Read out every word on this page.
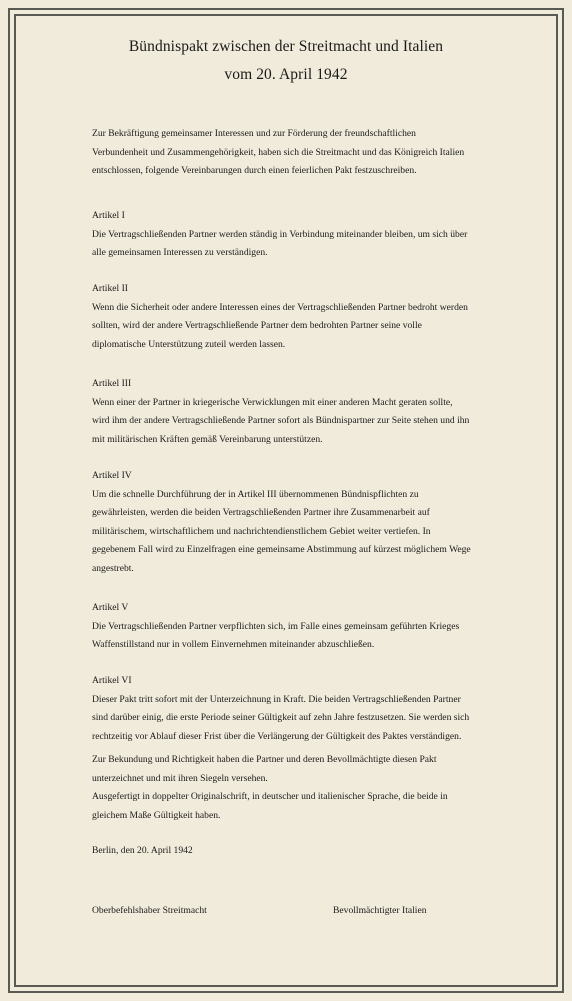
Bündnispakt zwischen der Streitmacht und Italien
vom 20. April 1942
Zur Bekräftigung gemeinsamer Interessen und zur Förderung der freundschaftlichen
Verbundenheit und Zusammengehörigkeit, haben sich die Streitmacht und das Königreich Italien
entschlossen, folgende Vereinbarungen durch einen feierlichen Pakt festzuschreiben.
Artikel I
Die Vertragschließenden Partner werden ständig in Verbindung miteinander bleiben, um sich über
alle gemeinsamen Interessen zu verständigen.
Artikel II
Wenn die Sicherheit oder andere Interessen eines der Vertragschließenden Partner bedroht werden
sollten, wird der andere Vertragschließende Partner dem bedrohten Partner seine volle
diplomatische Unterstützung zuteil werden lassen.
Artikel III
Wenn einer der Partner in kriegerische Verwicklungen mit einer anderen Macht geraten sollte,
wird ihm der andere Vertragschließende Partner sofort als Bündnispartner zur Seite stehen und ihn
mit militärischen Kräften gemäß Vereinbarung unterstützen.
Artikel IV
Um die schnelle Durchführung der in Artikel III übernommenen Bündnispflichten zu
gewährleisten, werden die beiden Vertragschließenden Partner ihre Zusammenarbeit auf
militärischem, wirtschaftlichem und nachrichtendienstlichem Gebiet weiter vertiefen. In
gegebenem Fall wird zu Einzelfragen eine gemeinsame Abstimmung auf kürzest möglichem Wege
angestrebt.
Artikel V
Die Vertragschließenden Partner verpflichten sich, im Falle eines gemeinsam geführten Krieges
Waffenstillstand nur in vollem Einvernehmen miteinander abzuschließen.
Artikel VI
Dieser Pakt tritt sofort mit der Unterzeichnung in Kraft. Die beiden Vertragschließenden Partner
sind darüber einig, die erste Periode seiner Gültigkeit auf zehn Jahre festzusetzen. Sie werden sich
rechtzeitig vor Ablauf dieser Frist über die Verlängerung der Gültigkeit des Paktes verständigen.
Zur Bekundung und Richtigkeit haben die Partner und deren Bevollmächtigte diesen Pakt
unterzeichnet und mit ihren Siegeln versehen.
Ausgefertigt in doppelter Originalschrift, in deutscher und italienischer Sprache, die beide in
gleichem Maße Gültigkeit haben.
Berlin, den 20. April 1942
Oberbefehlshaber Streitmacht	Bevollmächtigter Italien
